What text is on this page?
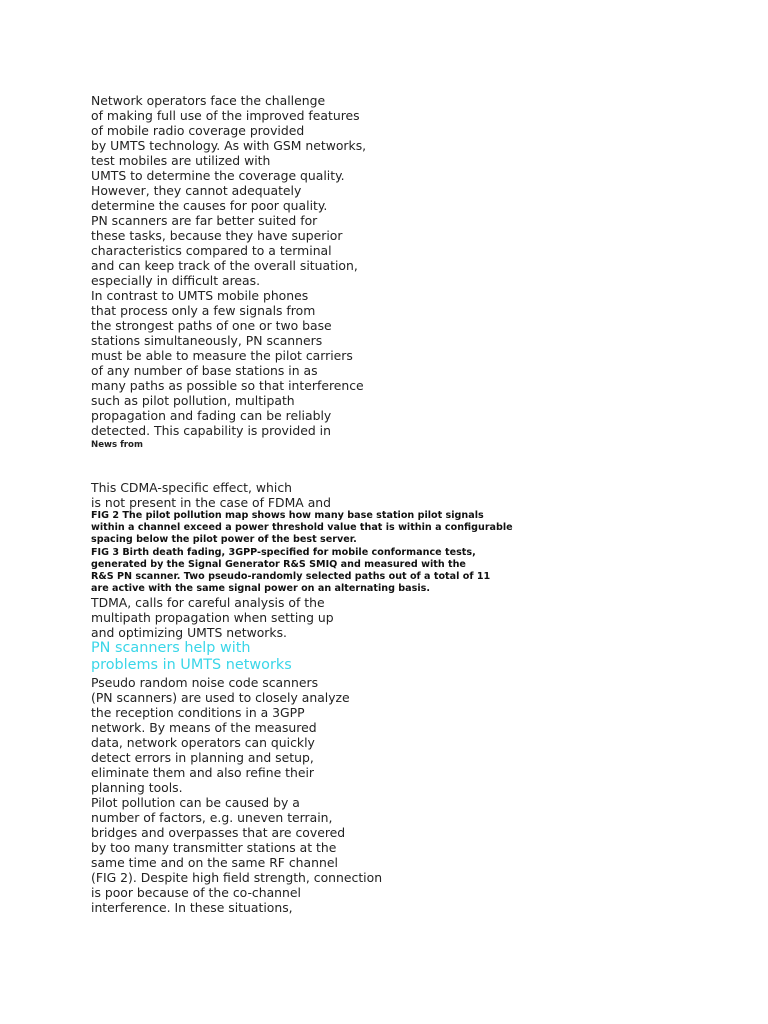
Network operators face the challenge
of making full use of the improved features
of mobile radio coverage provided
by UMTS technology. As with GSM networks,
test mobiles are utilized with
UMTS to determine the coverage quality.
However, they cannot adequately
determine the causes for poor quality.
PN scanners are far better suited for
these tasks, because they have superior
characteristics compared to a terminal
and can keep track of the overall situation,
especially in difficult areas.
In contrast to UMTS mobile phones
that process only a few signals from
the strongest paths of one or two base
stations simultaneously, PN scanners
must be able to measure the pilot carriers
of any number of base stations in as
many paths as possible so that interference
such as pilot pollution, multipath
propagation and fading can be reliably
detected. This capability is provided in
News from
This CDMA-specific effect, which
is not present in the case of FDMA and
FIG 2 The pilot pollution map shows how many base station pilot signals
within a channel exceed a power threshold value that is within a configurable
spacing below the pilot power of the best server.
FIG 3 Birth death fading, 3GPP-specified for mobile conformance tests,
generated by the Signal Generator R&S SMIQ and measured with the
R&S PN scanner. Two pseudo-randomly selected paths out of a total of 11
are active with the same signal power on an alternating basis.
TDMA, calls for careful analysis of the
multipath propagation when setting up
and optimizing UMTS networks.
PN scanners help with
problems in UMTS networks
Pseudo random noise code scanners
(PN scanners) are used to closely analyze
the reception conditions in a 3GPP
network. By means of the measured
data, network operators can quickly
detect errors in planning and setup,
eliminate them and also refine their
planning tools.
Pilot pollution can be caused by a
number of factors, e.g. uneven terrain,
bridges and overpasses that are covered
by too many transmitter stations at the
same time and on the same RF channel
(FIG 2). Despite high field strength, connection
is poor because of the co-channel
interference. In these situations,
